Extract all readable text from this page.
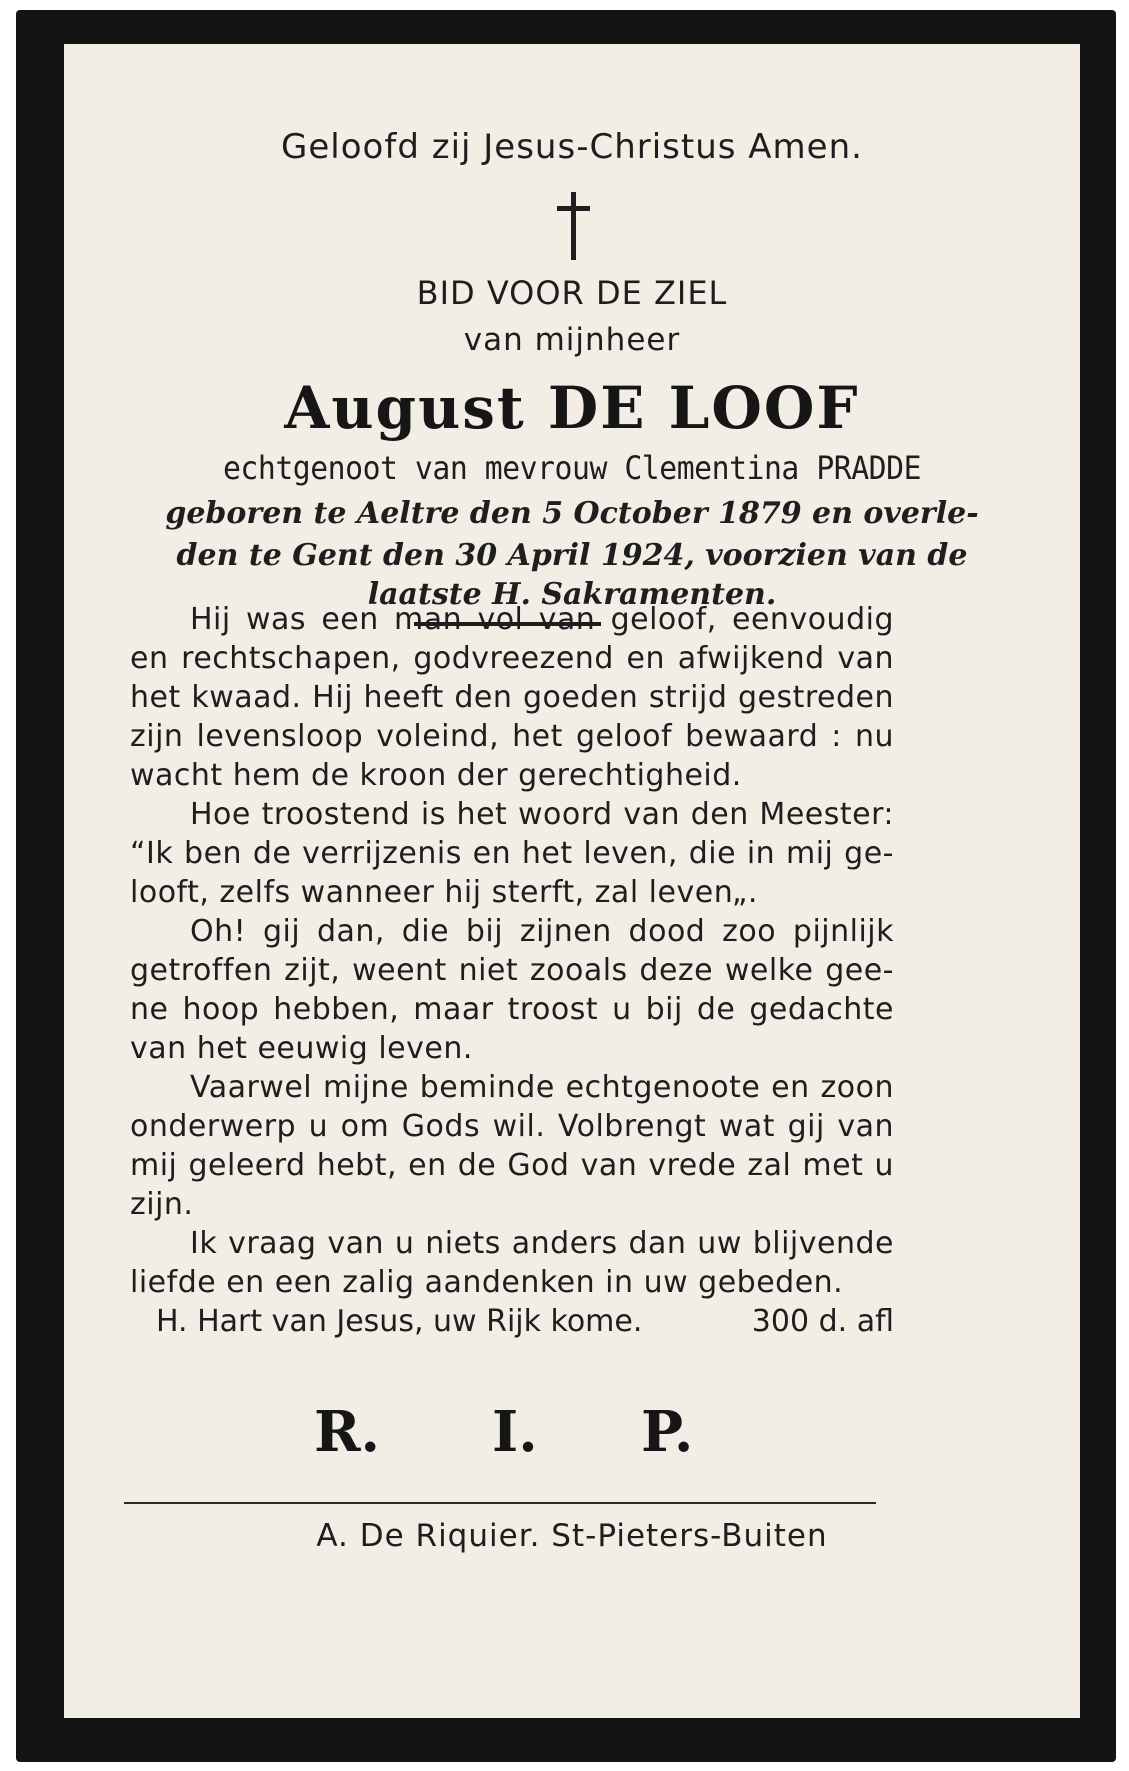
Geloofd zij Jesus-Christus Amen.
BID VOOR DE ZIEL
van mijnheer
August DE LOOF
echtgenoot van mevrouw Clementina PRADDE
geboren te Aeltre den 5 October 1879 en overle-
den te Gent den 30 April 1924, voorzien van de
laatste H. Sakramenten.
Hij was een man vol van geloof, eenvoudig
en rechtschapen, godvreezend en afwijkend van
het kwaad. Hij heeft den goeden strijd gestreden
zijn levensloop voleind, het geloof bewaard : nu
wacht hem de kroon der gerechtigheid.
Hoe troostend is het woord van den Meester:
“Ik ben de verrijzenis en het leven, die in mij ge-
looft, zelfs wanneer hij sterft, zal leven„.
Oh! gij dan, die bij zijnen dood zoo pijnlijk
getroffen zijt, weent niet zooals deze welke gee-
ne hoop hebben, maar troost u bij de gedachte
van het eeuwig leven.
Vaarwel mijne beminde echtgenoote en zoon
onderwerp u om Gods wil. Volbrengt wat gij van
mij geleerd hebt, en de God van vrede zal met u
zijn.
Ik vraag van u niets anders dan uw blijvende
liefde en een zalig aandenken in uw gebeden.
H. Hart van Jesus, uw Rijk kome.	300 d. afl
R. I. P.
A. De Riquier. St-Pieters-Buiten
